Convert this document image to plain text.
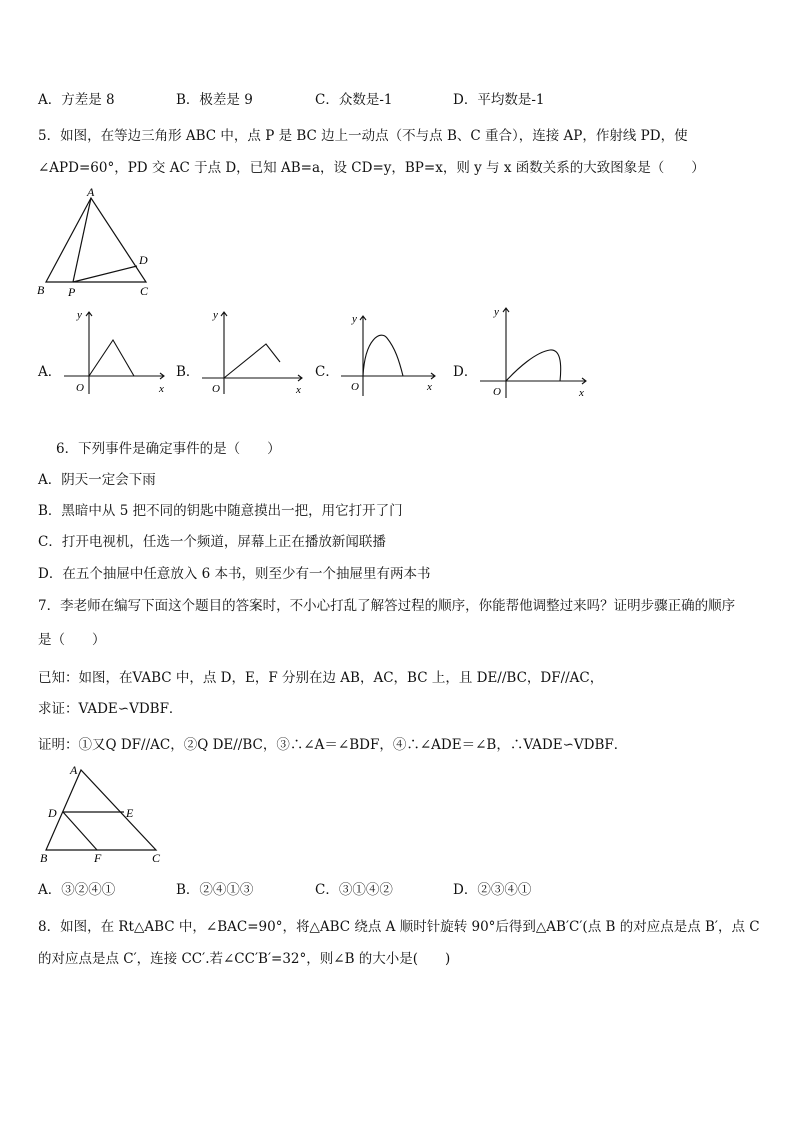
A．方差是 8	B．极差是 9	C．众数是-1	D．平均数是-1
5．如图，在等边三角形 ABC 中，点 P 是 BC 边上一动点（不与点 B、C 重合），连接 AP，作射线 PD，使
∠APD=60°，PD 交 AC 于点 D，已知 AB=a，设 CD=y，BP=x，则 y 与 x 函数关系的大致图象是（　　）
A
B P	C
D
A．
y
x
O
B．
y
x
O
C．
y
x
O
D．
y
x
O
6．下列事件是确定事件的是（　　）
A．阴天一定会下雨
B．黑暗中从 5 把不同的钥匙中随意摸出一把，用它打开了门
C．打开电视机，任选一个频道，屏幕上正在播放新闻联播
D．在五个抽屉中任意放入 6 本书，则至少有一个抽屉里有两本书
7．李老师在编写下面这个题目的答案时，不小心打乱了解答过程的顺序，你能帮他调整过来吗？证明步骤正确的顺序
是（　　）
已知：如图，在VABC 中，点 D，E，F 分别在边 AB，AC，BC 上，且 DE//BC，DF//AC，
求证：VADE∽VDBF．
证明：①又Q DF//AC，②Q DE//BC，③∴∠A＝∠BDF，④∴∠ADE＝∠B，∴VADE∽VDBF．
A
D	E
B	F	C
A．③②④①	B．②④①③	C．③①④②	D．②③④①
8．如图，在 Rt△ABC 中，∠BAC=90°，将△ABC 绕点 A 顺时针旋转 90°后得到△AB′C′(点 B 的对应点是点 B′，点 C
的对应点是点 C′，连接 CC′.若∠CC′B′=32°，则∠B 的大小是(　　)
